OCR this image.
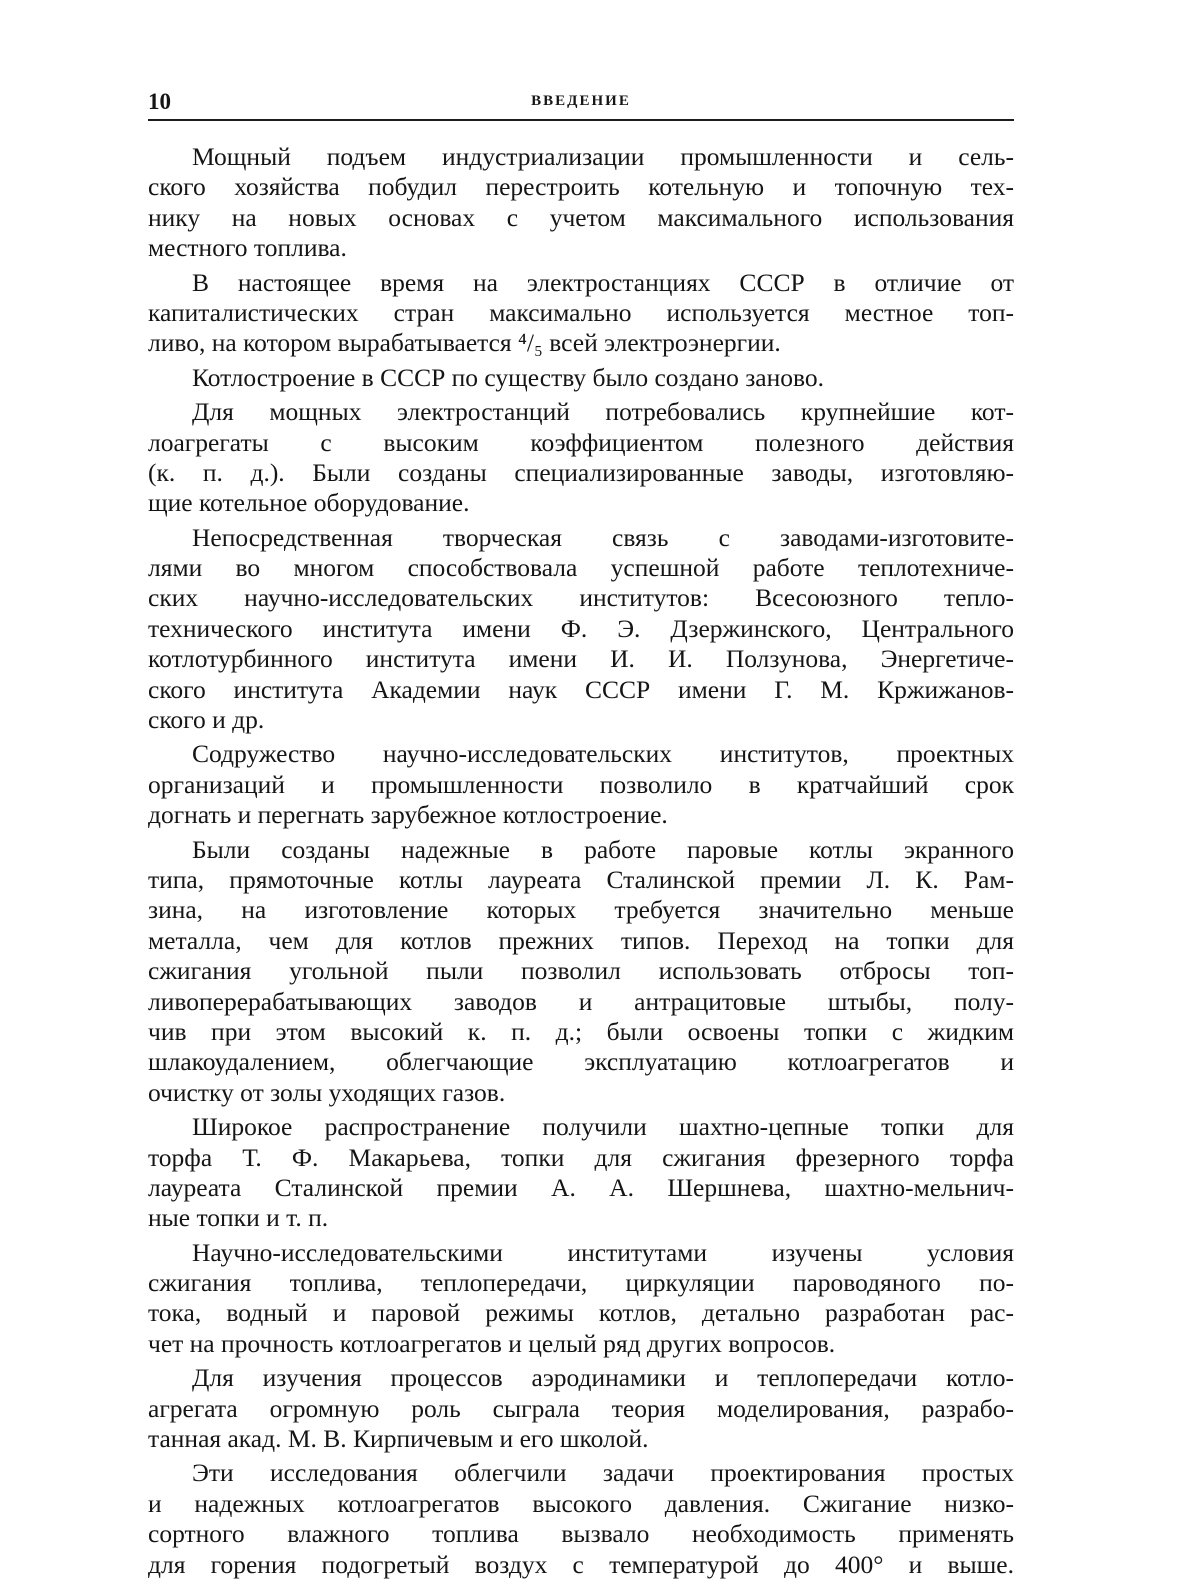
10	ВВЕДЕНИЕ
Мощный подъем индустриализации промышленности и сель-
ского хозяйства побудил перестроить котельную и топочную тех-
нику на новых основах с учетом максимального использования
местного топлива.
В настоящее время на электростанциях СССР в отличие от
капиталистических стран максимально используется местное топ-
ливо, на котором вырабатывается ⁴/₅ всей электроэнергии.
Котлостроение в СССР по существу было создано заново.
Для мощных электростанций потребовались крупнейшие кот-
лоагрегаты с высоким коэффициентом полезного действия
(к. п. д.). Были созданы специализированные заводы, изготовляю-
щие котельное оборудование.
Непосредственная творческая связь с заводами-изготовите-
лями во многом способствовала успешной работе теплотехниче-
ских научно-исследовательских институтов: Всесоюзного тепло-
технического института имени Ф. Э. Дзержинского, Центрального
котлотурбинного института имени И. И. Ползунова, Энергетиче-
ского института Академии наук СССР имени Г. М. Кржижанов-
ского и др.
Содружество научно-исследовательских институтов, проектных
организаций и промышленности позволило в кратчайший срок
догнать и перегнать зарубежное котлостроение.
Были созданы надежные в работе паровые котлы экранного
типа, прямоточные котлы лауреата Сталинской премии Л. К. Рам-
зина, на изготовление которых требуется значительно меньше
металла, чем для котлов прежних типов. Переход на топки для
сжигания угольной пыли позволил использовать отбросы топ-
ливоперерабатывающих заводов и антрацитовые штыбы, полу-
чив при этом высокий к. п. д.; были освоены топки с жидким
шлакоудалением, облегчающие эксплуатацию котлоагрегатов и
очистку от золы уходящих газов.
Широкое распространение получили шахтно-цепные топки для
торфа Т. Ф. Макарьева, топки для сжигания фрезерного торфа
лауреата Сталинской премии А. А. Шершнева, шахтно-мельнич-
ные топки и т. п.
Научно-исследовательскими институтами изучены условия
сжигания топлива, теплопередачи, циркуляции пароводяного по-
тока, водный и паровой режимы котлов, детально разработан рас-
чет на прочность котлоагрегатов и целый ряд других вопросов.
Для изучения процессов аэродинамики и теплопередачи котло-
агрегата огромную роль сыграла теория моделирования, разрабо-
танная акад. М. В. Кирпичевым и его школой.
Эти исследования облегчили задачи проектирования простых
и надежных котлоагрегатов высокого давления. Сжигание низко-
сортного влажного топлива вызвало необходимость применять
для горения подогретый воздух с температурой до 400° и выше.
